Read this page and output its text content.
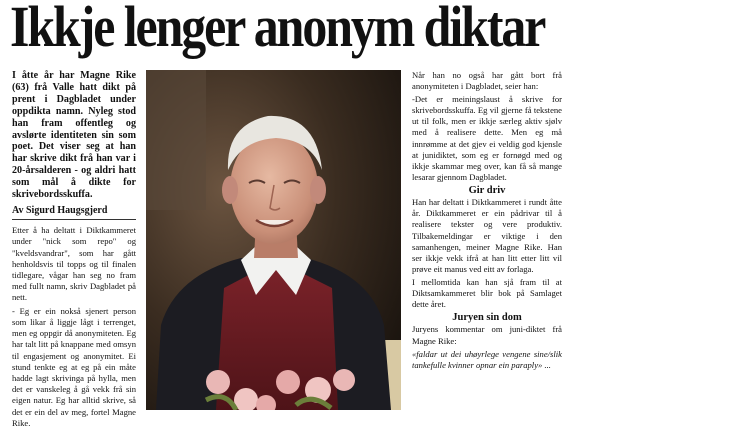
Ikkje lenger anonym diktar

I åtte år har Magne Rike (63) frå Valle hatt dikt på prent i Dagbladet under oppdikta namn. Nyleg stod han fram offentleg og avslørte identiteten sin som poet. Det viser seg at han har skrive dikt frå han var i 20-årsalderen - og aldri hatt som mål å dikte for skrivebordsskuffa.

Av Sigurd Haugsgjerd

Etter å ha deltatt i Diktkammeret under "nick som repo" og "kveldsvandrar", som har gått henholdsvis til topps og til finalen tidlegare, vågar han seg no fram med fullt namn, skriv Dagbladet på nett.

- Eg er ein nokså sjenert person som likar å liggje lågt i terrenget, men eg oppgir då anonymiteten. Eg har talt litt på knappane med omsyn til engasjement og anonymitet. Ei stund tenkte eg at eg på ein måte hadde lagt skrivinga på hylla, men det er vanskeleg å gå vekk frå sin eigen natur. Eg har alltid skrive, så det er ein del av meg, fortel Magne Rike.

Når han no også har gått bort frå anonymiteten i Dagbladet, seier han:

-Det er meiningslaust å skrive for skrivebordsskuffa. Eg vil gjerne få tekstene ut til folk, men er ikkje særleg aktiv sjølv med å realisere dette. Men eg må innrømme at det gjev ei veldig god kjensle at junidiktet, som eg er fornøgd med og ikkje skammar meg over, kan få så mange lesarar gjennom Dagbladet.

Gir driv

Han har deltatt i Diktkammeret i rundt åtte år. Diktkammeret er ein pådrivar til å realisere tekster og vere produktiv. Tilbakemeldingar er viktige i den samanhengen, meiner Magne Rike. Han ser ikkje vekk ifrå at han litt etter litt vil prøve eit manus ved eitt av forlaga.

I mellomtida kan han sjå fram til at Diktsamkammeret blir bok på Samlaget dette året.

Juryen sin dom

Juryens kommentar om juni-diktet frå Magne Rike:

«faldar ut dei uhøyrlege vengene sine/slik tankefulle kvinner opnar ein paraply» ...
